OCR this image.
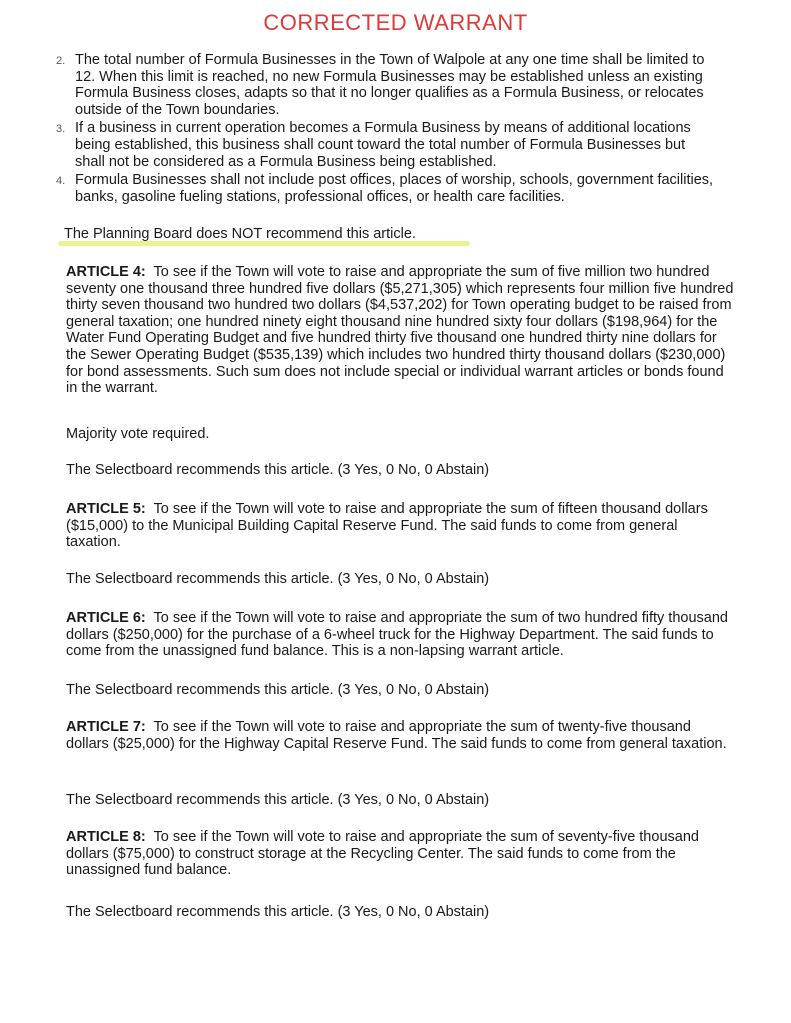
CORRECTED WARRANT
2. The total number of Formula Businesses in the Town of Walpole at any one time shall be limited to 12. When this limit is reached, no new Formula Businesses may be established unless an existing Formula Business closes, adapts so that it no longer qualifies as a Formula Business, or relocates outside of the Town boundaries.
3. If a business in current operation becomes a Formula Business by means of additional locations being established, this business shall count toward the total number of Formula Businesses but shall not be considered as a Formula Business being established.
4. Formula Businesses shall not include post offices, places of worship, schools, government facilities, banks, gasoline fueling stations, professional offices, or health care facilities.
The Planning Board does NOT recommend this article.
ARTICLE 4: To see if the Town will vote to raise and appropriate the sum of five million two hundred seventy one thousand three hundred five dollars ($5,271,305) which represents four million five hundred thirty seven thousand two hundred two dollars ($4,537,202) for Town operating budget to be raised from general taxation; one hundred ninety eight thousand nine hundred sixty four dollars ($198,964) for the Water Fund Operating Budget and five hundred thirty five thousand one hundred thirty nine dollars for the Sewer Operating Budget ($535,139) which includes two hundred thirty thousand dollars ($230,000) for bond assessments. Such sum does not include special or individual warrant articles or bonds found in the warrant.
Majority vote required.
The Selectboard recommends this article. (3 Yes, 0 No, 0 Abstain)
ARTICLE 5: To see if the Town will vote to raise and appropriate the sum of fifteen thousand dollars ($15,000) to the Municipal Building Capital Reserve Fund. The said funds to come from general taxation.
The Selectboard recommends this article. (3 Yes, 0 No, 0 Abstain)
ARTICLE 6: To see if the Town will vote to raise and appropriate the sum of two hundred fifty thousand dollars ($250,000) for the purchase of a 6-wheel truck for the Highway Department. The said funds to come from the unassigned fund balance. This is a non-lapsing warrant article.
The Selectboard recommends this article. (3 Yes, 0 No, 0 Abstain)
ARTICLE 7: To see if the Town will vote to raise and appropriate the sum of twenty-five thousand dollars ($25,000) for the Highway Capital Reserve Fund. The said funds to come from general taxation.
The Selectboard recommends this article. (3 Yes, 0 No, 0 Abstain)
ARTICLE 8: To see if the Town will vote to raise and appropriate the sum of seventy-five thousand dollars ($75,000) to construct storage at the Recycling Center. The said funds to come from the unassigned fund balance.
The Selectboard recommends this article. (3 Yes, 0 No, 0 Abstain)
